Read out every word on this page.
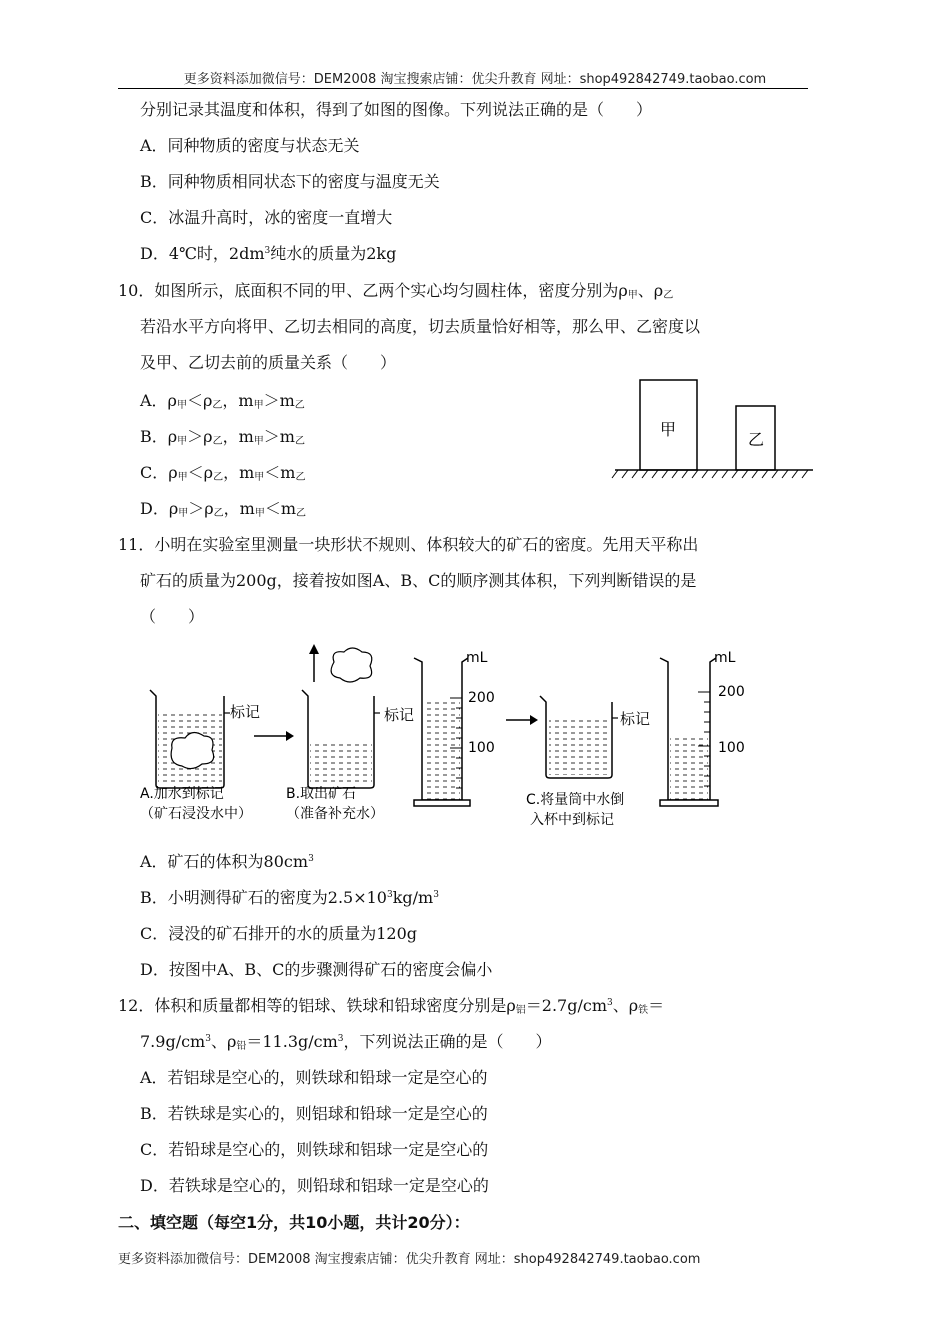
更多资料添加微信号：DEM2008 淘宝搜索店铺：优尖升教育 网址：shop492842749.taobao.com
分别记录其温度和体积，得到了如图的图像。下列说法正确的是（　　）
A．同种物质的密度与状态无关
B．同种物质相同状态下的密度与温度无关
C．冰温升高时，冰的密度一直增大
D．4℃时，$2dm^3$纯水的质量为2kg
10．如图所示，底面积不同的甲、乙两个实心均匀圆柱体，密度分别为$\rho_甲$、$\rho_乙$
若沿水平方向将甲、乙切去相同的高度，切去质量恰好相等，那么甲、乙密度以
及甲、乙切去前的质量关系（　　）
A．$\rho_甲<\rho_乙$，$m_甲>m_乙$
B．$\rho_甲>\rho_乙$，$m_甲>m_乙$
C．$\rho_甲<\rho_乙$，$m_甲<m_乙$
D．$\rho_甲>\rho_乙$，$m_甲<m_乙$
甲
乙
11．小明在实验室里测量一块形状不规则、体积较大的矿石的密度。先用天平称出
矿石的质量为200g，接着按如图A、B、C的顺序测其体积，下列判断错误的是
（　　）
标记
A.加水到标记
（矿石浸没水中）
标记
B.取出矿石
（准备补充水）
mL
200
100
标记
C.将量筒中水倒
入杯中到标记
mL
200
100
A．矿石的体积为$80cm^3$
B．小明测得矿石的密度为$2.5\times 10^3kg/m^3$
C．浸没的矿石排开的水的质量为120g
D．按图中A、B、C的步骤测得矿石的密度会偏小
12．体积和质量都相等的铝球、铁球和铅球密度分别是$\rho_铝=2.7g/cm^3$、$\rho_铁=$
$7.9g/cm^3$、$\rho_铅=11.3g/cm^3$，下列说法正确的是（　　）
A．若铝球是空心的，则铁球和铅球一定是空心的
B．若铁球是实心的，则铝球和铅球一定是空心的
C．若铅球是空心的，则铁球和铝球一定是空心的
D．若铁球是空心的，则铅球和铝球一定是空心的
二、填空题（每空1分，共10小题，共计20分）：
更多资料添加微信号：DEM2008 淘宝搜索店铺：优尖升教育 网址：shop492842749.taobao.com
